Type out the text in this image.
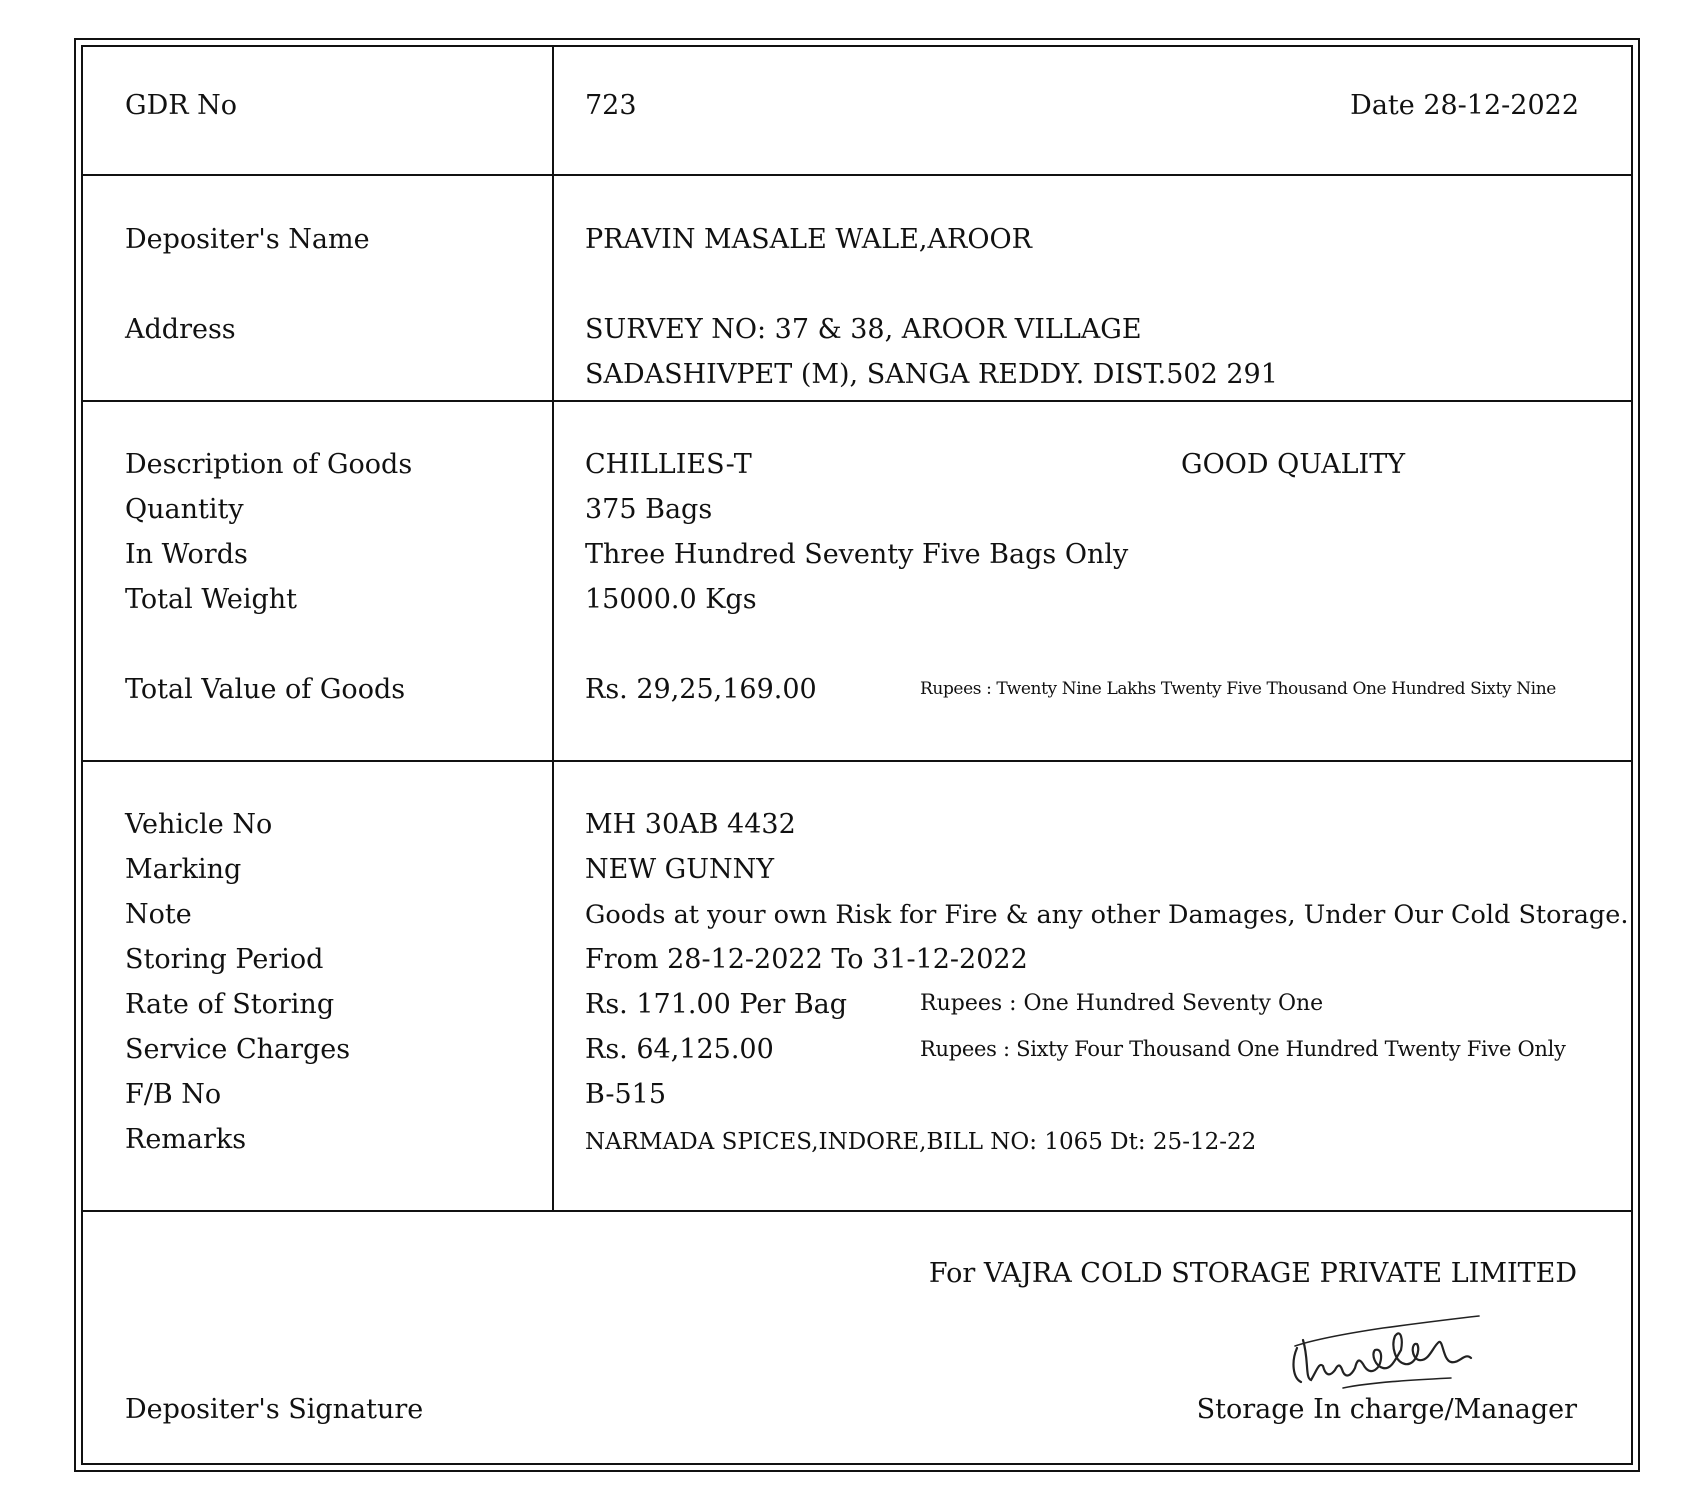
GDR No	723	Date 28-12-2022
Depositer's Name	PRAVIN MASALE WALE,AROOR
Address	SURVEY NO: 37 & 38, AROOR VILLAGE
SADASHIVPET (M), SANGA REDDY. DIST.502 291
Description of Goods	CHILLIES-T	GOOD QUALITY
Quantity	375 Bags
In Words	Three Hundred Seventy Five Bags Only
Total Weight	15000.0 Kgs
Total Value of Goods	Rs. 29,25,169.00	Rupees : Twenty Nine Lakhs Twenty Five Thousand One Hundred Sixty Nine
Vehicle No	MH 30AB 4432
Marking	NEW GUNNY
Note	Goods at your own Risk for Fire & any other Damages, Under Our Cold Storage.
Storing Period	From 28-12-2022 To 31-12-2022
Rate of Storing	Rs. 171.00 Per Bag	Rupees : One Hundred Seventy One
Service Charges	Rs. 64,125.00	Rupees : Sixty Four Thousand One Hundred Twenty Five Only
F/B No	B-515
Remarks	NARMADA SPICES,INDORE,BILL NO: 1065 Dt: 25-12-22
For VAJRA COLD STORAGE PRIVATE LIMITED
Depositer's Signature	Storage In charge/Manager
